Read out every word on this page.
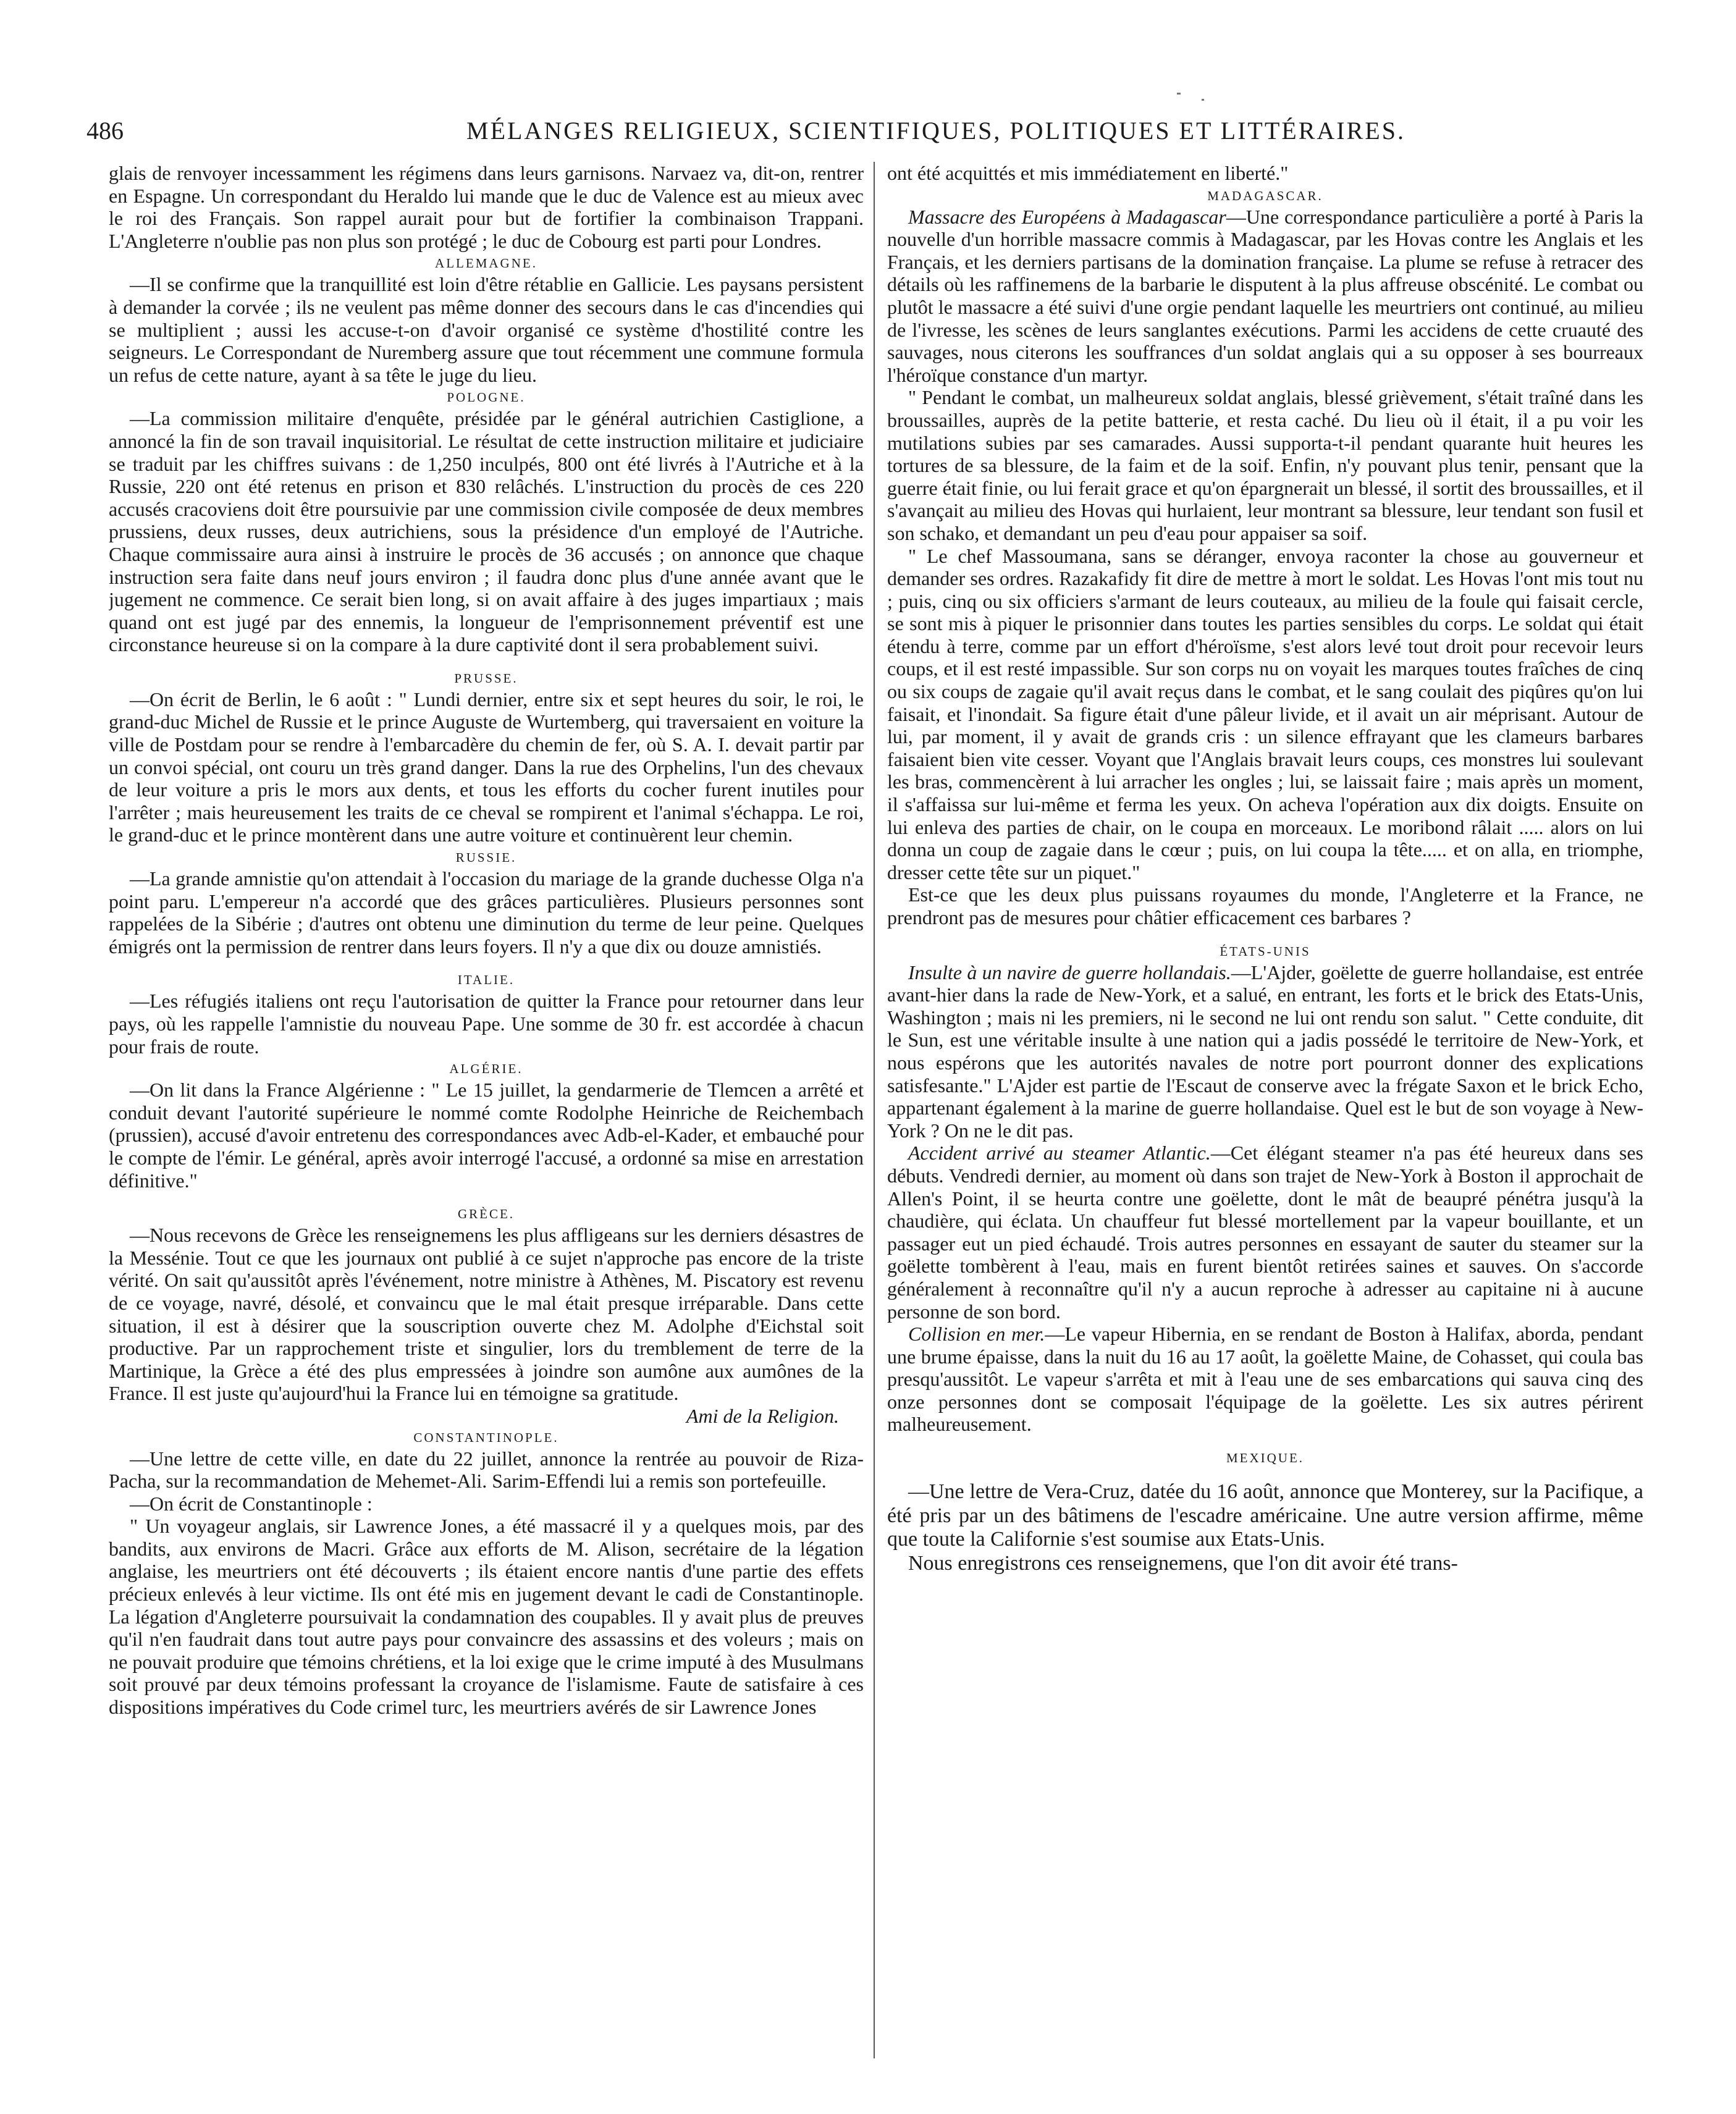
486	MÉLANGES RELIGIEUX, SCIENTIFIQUES, POLITIQUES ET LITTÉRAIRES.

glais de renvoyer incessamment les régimens dans leurs garnisons. Narvaez va, dit-on, rentrer en Espagne. Un correspondant du Heraldo lui mande que le duc de Valence est au mieux avec le roi des Français. Son rappel aurait pour but de fortifier la combinaison Trappani. L'Angleterre n'oublie pas non plus son protégé ; le duc de Cobourg est parti pour Londres.

ALLEMAGNE.

—Il se confirme que la tranquillité est loin d'être rétablie en Gallicie. Les paysans persistent à demander la corvée ; ils ne veulent pas même donner des secours dans le cas d'incendies qui se multiplient ; aussi les accuse-t-on d'avoir organisé ce système d'hostilité contre les seigneurs. Le Correspondant de Nuremberg assure que tout récemment une commune formula un refus de cette nature, ayant à sa tête le juge du lieu.

POLOGNE.

—La commission militaire d'enquête, présidée par le général autrichien Castiglione, a annoncé la fin de son travail inquisitorial. Le résultat de cette instruction militaire et judiciaire se traduit par les chiffres suivans : de 1,250 inculpés, 800 ont été livrés à l'Autriche et à la Russie, 220 ont été retenus en prison et 830 relâchés. L'instruction du procès de ces 220 accusés cracoviens doit être poursuivie par une commission civile composée de deux membres prussiens, deux russes, deux autrichiens, sous la présidence d'un employé de l'Autriche. Chaque commissaire aura ainsi à instruire le procès de 36 accusés ; on annonce que chaque instruction sera faite dans neuf jours environ ; il faudra donc plus d'une année avant que le jugement ne commence. Ce serait bien long, si on avait affaire à des juges impartiaux ; mais quand ont est jugé par des ennemis, la longueur de l'emprisonnement préventif est une circonstance heureuse si on la compare à la dure captivité dont il sera probablement suivi.

PRUSSE.

—On écrit de Berlin, le 6 août : " Lundi dernier, entre six et sept heures du soir, le roi, le grand-duc Michel de Russie et le prince Auguste de Wurtemberg, qui traversaient en voiture la ville de Postdam pour se rendre à l'embarcadère du chemin de fer, où S. A. I. devait partir par un convoi spécial, ont couru un très grand danger. Dans la rue des Orphelins, l'un des chevaux de leur voiture a pris le mors aux dents, et tous les efforts du cocher furent inutiles pour l'arrêter ; mais heureusement les traits de ce cheval se rompirent et l'animal s'échappa. Le roi, le grand-duc et le prince montèrent dans une autre voiture et continuèrent leur chemin.

RUSSIE.

—La grande amnistie qu'on attendait à l'occasion du mariage de la grande duchesse Olga n'a point paru. L'empereur n'a accordé que des grâces particulières. Plusieurs personnes sont rappelées de la Sibérie ; d'autres ont obtenu une diminution du terme de leur peine. Quelques émigrés ont la permission de rentrer dans leurs foyers. Il n'y a que dix ou douze amnistiés.

ITALIE.

—Les réfugiés italiens ont reçu l'autorisation de quitter la France pour retourner dans leur pays, où les rappelle l'amnistie du nouveau Pape. Une somme de 30 fr. est accordée à chacun pour frais de route.

ALGÉRIE.

—On lit dans la France Algérienne : " Le 15 juillet, la gendarmerie de Tlemcen a arrêté et conduit devant l'autorité supérieure le nommé comte Rodolphe Heinriche de Reichembach (prussien), accusé d'avoir entretenu des correspondances avec Adb-el-Kader, et embauché pour le compte de l'émir. Le général, après avoir interrogé l'accusé, a ordonné sa mise en arrestation définitive."

GRÈCE.

—Nous recevons de Grèce les renseignemens les plus affligeans sur les derniers désastres de la Messénie. Tout ce que les journaux ont publié à ce sujet n'approche pas encore de la triste vérité. On sait qu'aussitôt après l'événement, notre ministre à Athènes, M. Piscatory est revenu de ce voyage, navré, désolé, et convaincu que le mal était presque irréparable. Dans cette situation, il est à désirer que la souscription ouverte chez M. Adolphe d'Eichstal soit productive. Par un rapprochement triste et singulier, lors du tremblement de terre de la Martinique, la Grèce a été des plus empressées à joindre son aumône aux aumônes de la France. Il est juste qu'aujourd'hui la France lui en témoigne sa gratitude.
Ami de la Religion.

CONSTANTINOPLE.

—Une lettre de cette ville, en date du 22 juillet, annonce la rentrée au pouvoir de Riza-Pacha, sur la recommandation de Mehemet-Ali. Sarim-Effendi lui a remis son portefeuille.

—On écrit de Constantinople :

" Un voyageur anglais, sir Lawrence Jones, a été massacré il y a quelques mois, par des bandits, aux environs de Macri. Grâce aux efforts de M. Alison, secrétaire de la légation anglaise, les meurtriers ont été découverts ; ils étaient encore nantis d'une partie des effets précieux enlevés à leur victime. Ils ont été mis en jugement devant le cadi de Constantinople. La légation d'Angleterre poursuivait la condamnation des coupables. Il y avait plus de preuves qu'il n'en faudrait dans tout autre pays pour convaincre des assassins et des voleurs ; mais on ne pouvait produire que témoins chrétiens, et la loi exige que le crime imputé à des Musulmans soit prouvé par deux témoins professant la croyance de l'islamisme. Faute de satisfaire à ces dispositions impératives du Code crimel turc, les meurtriers avérés de sir Lawrence Jones

ont été acquittés et mis immédiatement en liberté."

MADAGASCAR.

Massacre des Européens à Madagascar—Une correspondance particulière a porté à Paris la nouvelle d'un horrible massacre commis à Madagascar, par les Hovas contre les Anglais et les Français, et les derniers partisans de la domination française. La plume se refuse à retracer des détails où les raffinemens de la barbarie le disputent à la plus affreuse obscénité. Le combat ou plutôt le massacre a été suivi d'une orgie pendant laquelle les meurtriers ont continué, au milieu de l'ivresse, les scènes de leurs sanglantes exécutions. Parmi les accidens de cette cruauté des sauvages, nous citerons les souffrances d'un soldat anglais qui a su opposer à ses bourreaux l'héroïque constance d'un martyr.

" Pendant le combat, un malheureux soldat anglais, blessé grièvement, s'était traîné dans les broussailles, auprès de la petite batterie, et resta caché. Du lieu où il était, il a pu voir les mutilations subies par ses camarades. Aussi supporta-t-il pendant quarante huit heures les tortures de sa blessure, de la faim et de la soif. Enfin, n'y pouvant plus tenir, pensant que la guerre était finie, ou lui ferait grace et qu'on épargnerait un blessé, il sortit des broussailles, et il s'avançait au milieu des Hovas qui hurlaient, leur montrant sa blessure, leur tendant son fusil et son schako, et demandant un peu d'eau pour appaiser sa soif.

" Le chef Massoumana, sans se déranger, envoya raconter la chose au gouverneur et demander ses ordres. Razakafidy fit dire de mettre à mort le soldat. Les Hovas l'ont mis tout nu ; puis, cinq ou six officiers s'armant de leurs couteaux, au milieu de la foule qui faisait cercle, se sont mis à piquer le prisonnier dans toutes les parties sensibles du corps. Le soldat qui était étendu à terre, comme par un effort d'héroïsme, s'est alors levé tout droit pour recevoir leurs coups, et il est resté impassible. Sur son corps nu on voyait les marques toutes fraîches de cinq ou six coups de zagaie qu'il avait reçus dans le combat, et le sang coulait des piqûres qu'on lui faisait, et l'inondait. Sa figure était d'une pâleur livide, et il avait un air méprisant. Autour de lui, par moment, il y avait de grands cris : un silence effrayant que les clameurs barbares faisaient bien vite cesser. Voyant que l'Anglais bravait leurs coups, ces monstres lui soulevant les bras, commencèrent à lui arracher les ongles ; lui, se laissait faire ; mais après un moment, il s'affaissa sur lui-même et ferma les yeux. On acheva l'opération aux dix doigts. Ensuite on lui enleva des parties de chair, on le coupa en morceaux. Le moribond râlait ..... alors on lui donna un coup de zagaie dans le cœur ; puis, on lui coupa la tête..... et on alla, en triomphe, dresser cette tête sur un piquet."

Est-ce que les deux plus puissans royaumes du monde, l'Angleterre et la France, ne prendront pas de mesures pour châtier efficacement ces barbares ?

ÉTATS-UNIS

Insulte à un navire de guerre hollandais.—L'Ajder, goëlette de guerre hollandaise, est entrée avant-hier dans la rade de New-York, et a salué, en entrant, les forts et le brick des Etats-Unis, Washington ; mais ni les premiers, ni le second ne lui ont rendu son salut. " Cette conduite, dit le Sun, est une véritable insulte à une nation qui a jadis possédé le territoire de New-York, et nous espérons que les autorités navales de notre port pourront donner des explications satisfesante." L'Ajder est partie de l'Escaut de conserve avec la frégate Saxon et le brick Echo, appartenant également à la marine de guerre hollandaise. Quel est le but de son voyage à New-York ? On ne le dit pas.

Accident arrivé au steamer Atlantic.—Cet élégant steamer n'a pas été heureux dans ses débuts. Vendredi dernier, au moment où dans son trajet de New-York à Boston il approchait de Allen's Point, il se heurta contre une goëlette, dont le mât de beaupré pénétra jusqu'à la chaudière, qui éclata. Un chauffeur fut blessé mortellement par la vapeur bouillante, et un passager eut un pied échaudé. Trois autres personnes en essayant de sauter du steamer sur la goëlette tombèrent à l'eau, mais en furent bientôt retirées saines et sauves. On s'accorde généralement à reconnaître qu'il n'y a aucun reproche à adresser au capitaine ni à aucune personne de son bord.

Collision en mer.—Le vapeur Hibernia, en se rendant de Boston à Halifax, aborda, pendant une brume épaisse, dans la nuit du 16 au 17 août, la goëlette Maine, de Cohasset, qui coula bas presqu'aussitôt. Le vapeur s'arrêta et mit à l'eau une de ses embarcations qui sauva cinq des onze personnes dont se composait l'équipage de la goëlette. Les six autres périrent malheureusement.

MEXIQUE.

—Une lettre de Vera-Cruz, datée du 16 août, annonce que Monterey, sur la Pacifique, a été pris par un des bâtimens de l'escadre américaine. Une autre version affirme, même que toute la Californie s'est soumise aux Etats-Unis.

Nous enregistrons ces renseignemens, que l'on dit avoir été trans-
